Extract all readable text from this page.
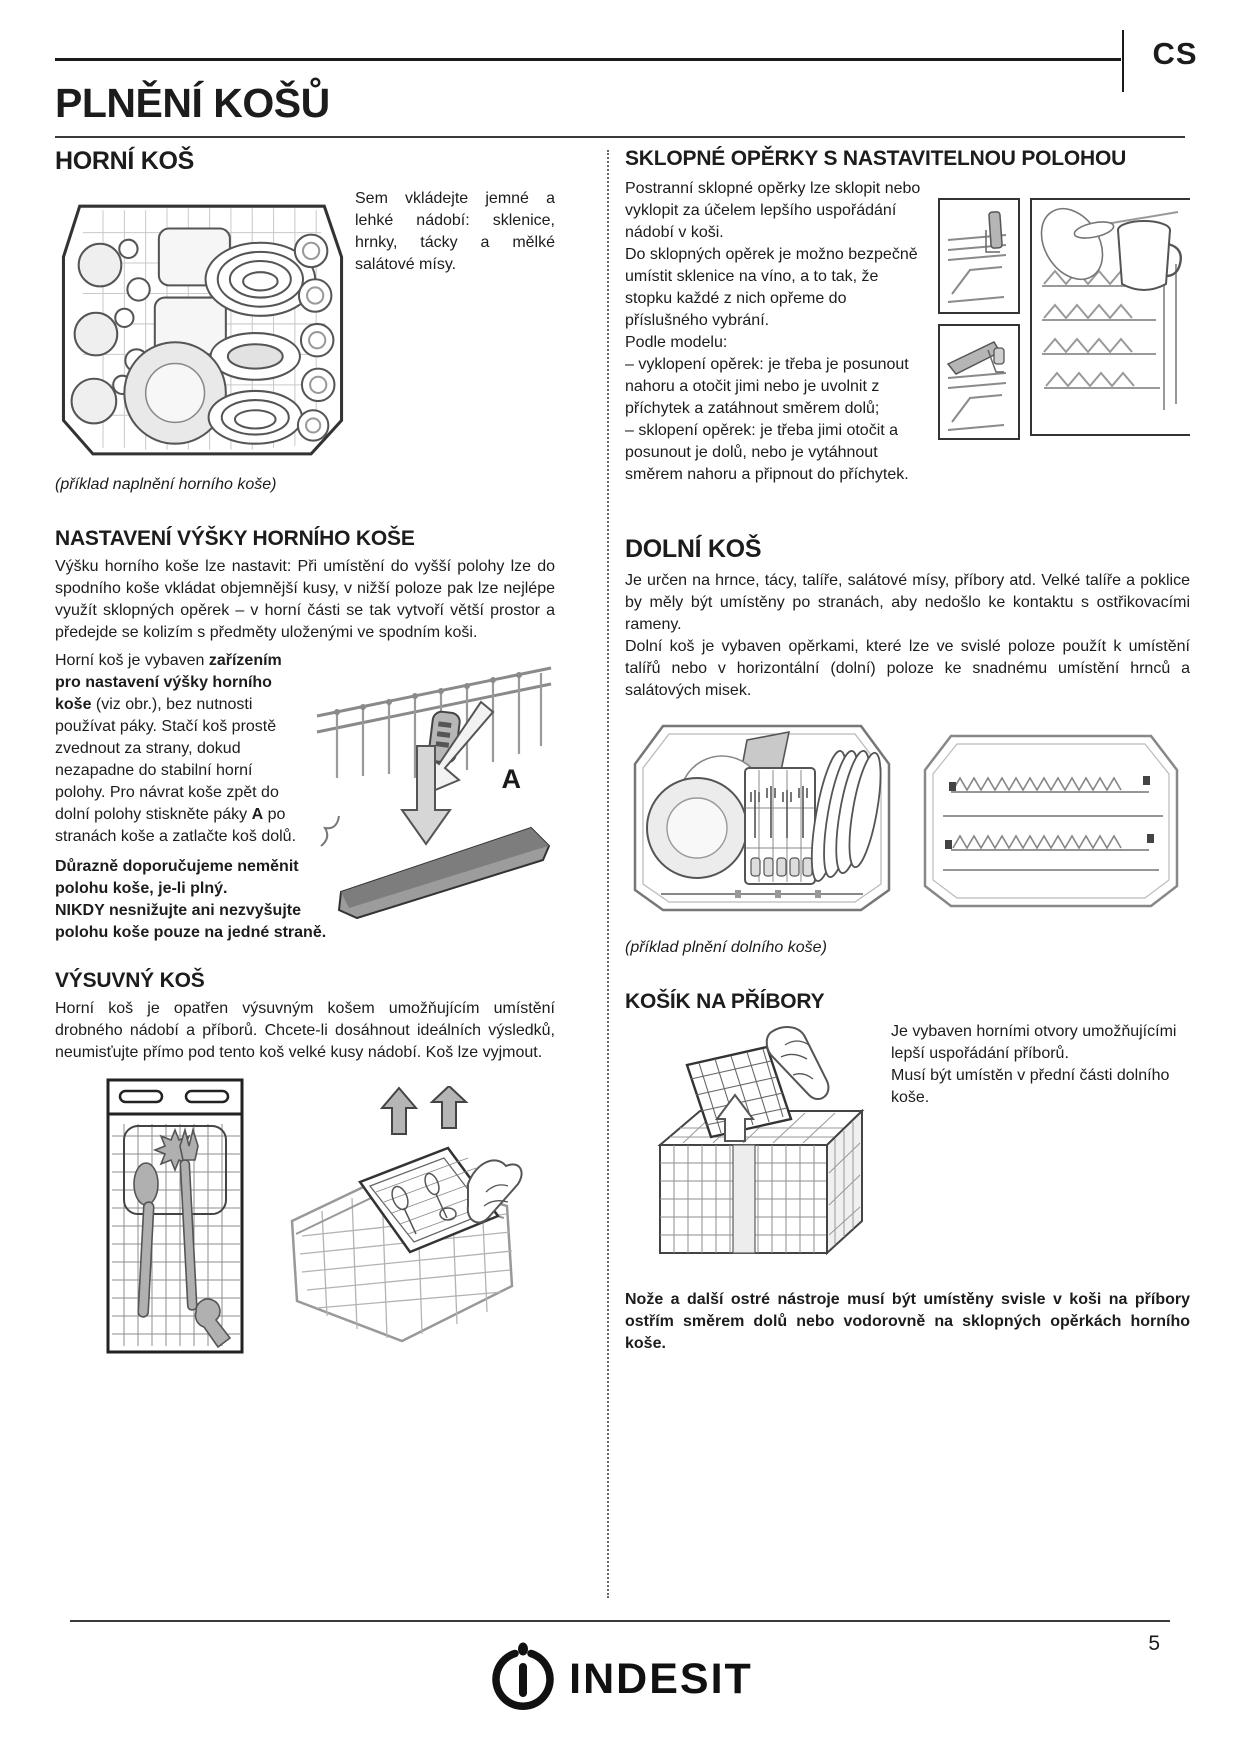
CS
PLNĚNÍ KOŠŮ
HORNÍ KOŠ

Sem vkládejte jemné a lehké nádobí: sklenice, hrnky, tácky a mělké salátové mísy.

(příklad naplnění horního koše)

NASTAVENÍ VÝŠKY HORNÍHO KOŠE

Výšku horního koše lze nastavit: Při umístění do vyšší polohy lze do spodního koše vkládat objemnější kusy, v nižší poloze pak lze nejlépe využít sklopných opěrek – v horní části se tak vytvoří větší prostor a předejde se kolizím s předměty uloženými ve spodním koši.

A

Horní koš je vybaven zařízením pro nastavení výšky horního koše (viz obr.), bez nutnosti používat páky. Stačí koš prostě zvednout za strany, dokud nezapadne do stabilní horní polohy. Pro návrat koše zpět do dolní polohy stiskněte páky A po stranách koše a zatlačte koš dolů.

Důrazně doporučujeme neměnit polohu koše, je-li plný.

NIKDY nesnižujte ani nezvyšujte polohu koše pouze na jedné straně.

VÝSUVNÝ KOŠ

Horní koš je opatřen výsuvným košem umožňujícím umístění drobného nádobí a příborů. Chcete-li dosáhnout ideálních výsledků, neumisťujte přímo pod tento koš velké kusy nádobí. Koš lze vyjmout.

SKLOPNÉ OPĚRKY S NASTAVITELNOU POLOHOU

Postranní sklopné opěrky lze sklopit nebo vyklopit za účelem lepšího uspořádání nádobí v koši.

Do sklopných opěrek je možno bezpečně umístit sklenice na víno, a to tak, že stopku každé z nich opřeme do příslušného vybrání.

Podle modelu:

– vyklopení opěrek: je třeba je posunout nahoru a otočit jimi nebo je uvolnit z příchytek a zatáhnout směrem dolů;

– sklopení opěrek: je třeba jimi otočit a posunout je dolů, nebo je vytáhnout směrem nahoru a připnout do příchytek.

DOLNÍ KOŠ

Je určen na hrnce, tácy, talíře, salátové mísy, příbory atd. Velké talíře a poklice by měly být umístěny po stranách, aby nedošlo ke kontaktu s ostřikovacími rameny.

Dolní koš je vybaven opěrkami, které lze ve svislé poloze použít k umístění talířů nebo v horizontální (dolní) poloze ke snadnému umístění hrnců a salátových misek.

(příklad plnění dolního koše)

KOŠÍK NA PŘÍBORY

Je vybaven horními otvory umožňujícími lepší uspořádání příborů.

Musí být umístěn v přední části dolního koše.

Nože a další ostré nástroje musí být umístěny svisle v koši na příbory ostřím směrem dolů nebo vodorovně na sklopných opěrkách horního koše.

5
INDESIT
